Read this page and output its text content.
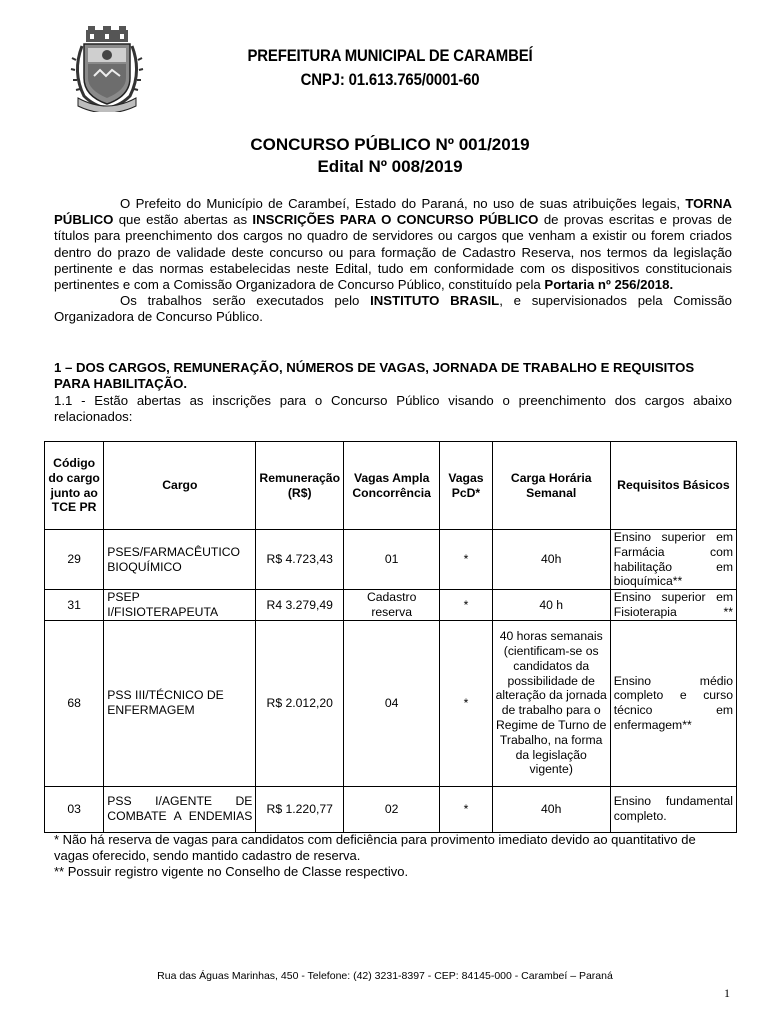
PREFEITURA MUNICIPAL DE CARAMBEÍ
CNPJ: 01.613.765/0001-60
CONCURSO PÚBLICO Nº 001/2019
Edital Nº 008/2019
O Prefeito do Município de Carambeí, Estado do Paraná, no uso de suas atribuições legais, TORNA PÚBLICO que estão abertas as INSCRIÇÕES PARA O CONCURSO PÚBLICO de provas escritas e provas de títulos para preenchimento dos cargos no quadro de servidores ou cargos que venham a existir ou forem criados dentro do prazo de validade deste concurso ou para formação de Cadastro Reserva, nos termos da legislação pertinente e das normas estabelecidas neste Edital, tudo em conformidade com os dispositivos constitucionais pertinentes e com a Comissão Organizadora de Concurso Público, constituído pela Portaria nº 256/2018.
Os trabalhos serão executados pelo INSTITUTO BRASIL, e supervisionados pela Comissão Organizadora de Concurso Público.
1 – DOS CARGOS, REMUNERAÇÃO, NÚMEROS DE VAGAS, JORNADA DE TRABALHO E REQUISITOS PARA HABILITAÇÃO.
1.1 - Estão abertas as inscrições para o Concurso Público visando o preenchimento dos cargos abaixo relacionados:
Código do cargo junto ao TCE PR	Cargo	Remuneração (R$)	Vagas Ampla Concorrência	Vagas PcD*	Carga Horária Semanal	Requisitos Básicos
29	PSES/FARMACÊUTICO BIOQUÍMICO	R$ 4.723,43	01	*	40h	Ensino superior em Farmácia com habilitação em bioquímica**
31	PSEP I/FISIOTERAPEUTA	R4 3.279,49	Cadastro reserva	*	40 h	Ensino superior em Fisioterapia **
68	PSS III/TÉCNICO DE ENFERMAGEM	R$ 2.012,20	04	*	40 horas semanais (cientificam-se os candidatos da possibilidade de alteração da jornada de trabalho para o Regime de Turno de Trabalho, na forma da legislação vigente)	Ensino médio completo e curso técnico em enfermagem**
03	PSS I/AGENTE DE COMBATE A ENDEMIAS	R$ 1.220,77	02	*	40h	Ensino fundamental completo.
* Não há reserva de vagas para candidatos com deficiência para provimento imediato devido ao quantitativo de vagas oferecido, sendo mantido cadastro de reserva.
** Possuir registro vigente no Conselho de Classe respectivo.
Rua das Águas Marinhas, 450 - Telefone: (42) 3231-8397 - CEP: 84145-000 - Carambeí – Paraná
1
